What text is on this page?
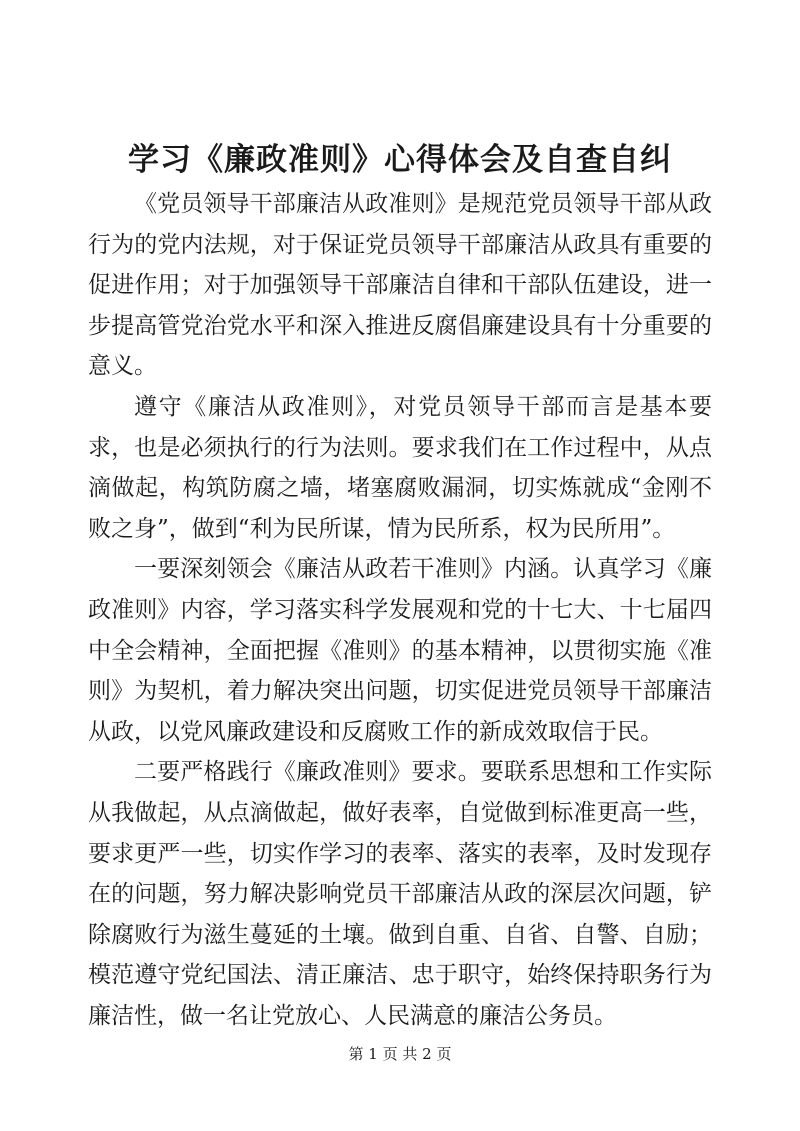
学习《廉政准则》心得体会及自查自纠

《党员领导干部廉洁从政准则》是规范党员领导干部从政行为的党内法规，对于保证党员领导干部廉洁从政具有重要的促进作用；对于加强领导干部廉洁自律和干部队伍建设，进一步提高管党治党水平和深入推进反腐倡廉建设具有十分重要的意义。

遵守《廉洁从政准则》，对党员领导干部而言是基本要求，也是必须执行的行为法则。要求我们在工作过程中，从点滴做起，构筑防腐之墙，堵塞腐败漏洞，切实炼就成“金刚不败之身”，做到“利为民所谋，情为民所系，权为民所用”。

一要深刻领会《廉洁从政若干准则》内涵。认真学习《廉政准则》内容，学习落实科学发展观和党的十七大、十七届四中全会精神，全面把握《准则》的基本精神，以贯彻实施《准则》为契机，着力解决突出问题，切实促进党员领导干部廉洁从政，以党风廉政建设和反腐败工作的新成效取信于民。

二要严格践行《廉政准则》要求。要联系思想和工作实际从我做起，从点滴做起，做好表率，自觉做到标准更高一些，要求更严一些，切实作学习的表率、落实的表率，及时发现存在的问题，努力解决影响党员干部廉洁从政的深层次问题，铲除腐败行为滋生蔓延的土壤。做到自重、自省、自警、自励；模范遵守党纪国法、清正廉洁、忠于职守，始终保持职务行为廉洁性，做一名让党放心、人民满意的廉洁公务员。

第 1 页 共 2 页
